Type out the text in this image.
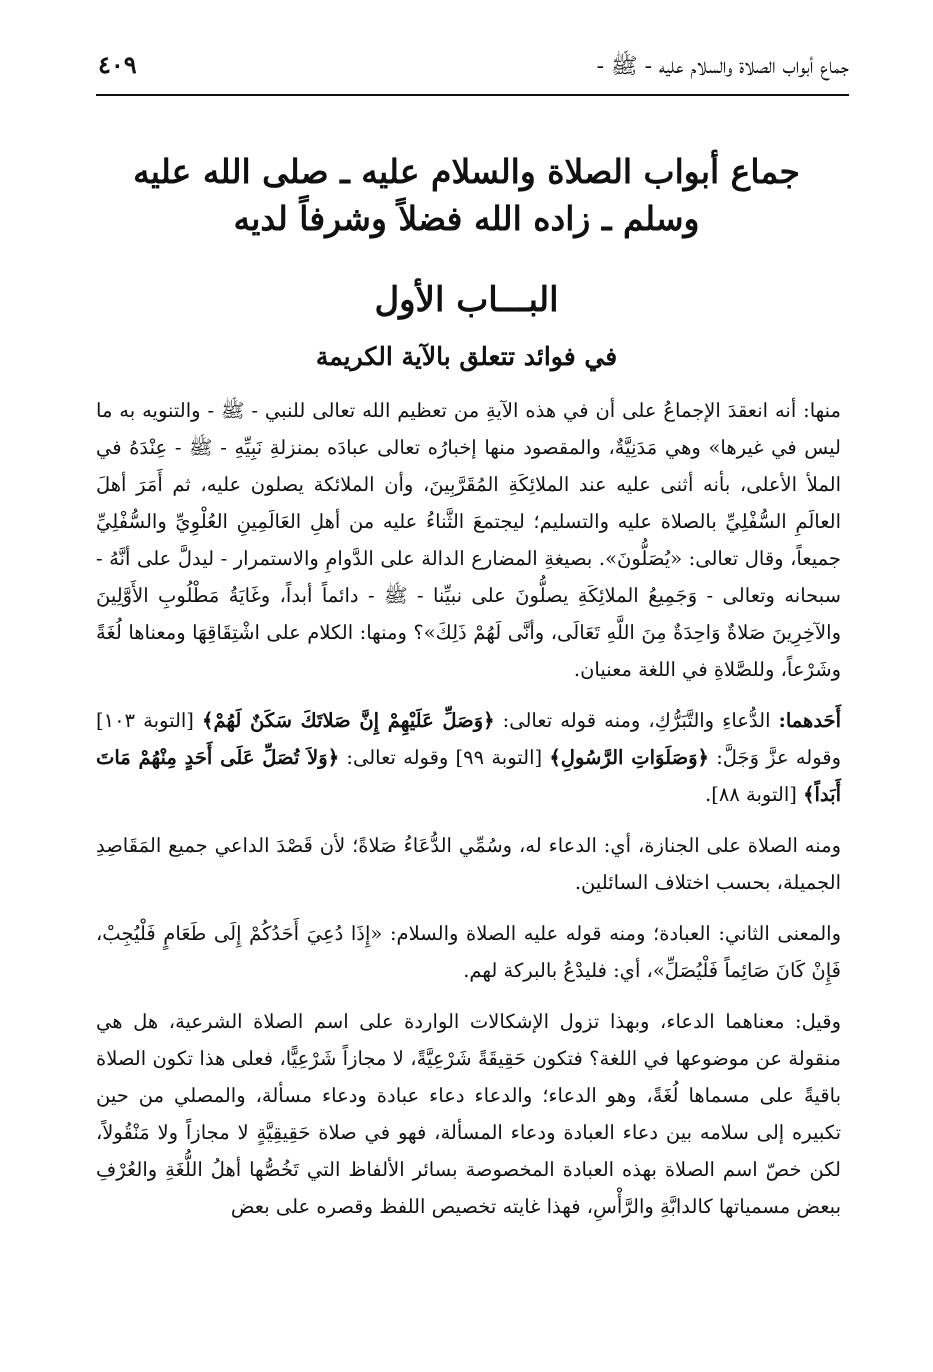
جماع أبواب الصلاة والسلام عليه - ﷺ -
٤٠٩
جماع أبواب الصلاة والسلام عليه ـ صلى الله عليه
وسلم ـ زاده الله فضلاً وشرفاً لديه
البـــاب الأول
في فوائد تتعلق بالآية الكريمة

منها: أنه انعقدَ الإجماعُ على أن في هذه الآيةِ من تعظيم الله تعالى للنبي - ﷺ - والتنويه به ما ليس في غيرها» وهي مَدَنِيَّةٌ، والمقصود منها إخبارُه تعالى عبادَه بمنزلةِ نَبِيِّهِ - ﷺ - عِنْدَهُ في الملأ الأعلى، بأنه أثنى عليه عند الملائِكَةِ المُقَرَّبِينَ، وأن الملائكة يصلون عليه، ثم أَمَرَ أهلَ العالَمِ السُّفْلِيِّ بالصلاة عليه والتسليم؛ ليجتمعَ الثَّناءُ عليه من أهلِ العَالَمِينِ العُلْوِيِّ والسُّفْلِيِّ جميعاً، وقال تعالى: «يُصَلُّونَ». بصيغةِ المضارع الدالة على الدَّوامِ والاستمرار - ليدلَّ على أنَّهُ - سبحانه وتعالى - وَجَمِيعُ الملائِكَةِ يصلُّونَ على نبيِّنا - ﷺ - دائماً أبداً، وغَايَةُ مَطْلُوبِ الأَوَّلِينَ والآخِرِينَ صَلاةٌ وَاحِدَةٌ مِنَ اللَّهِ تَعَالَى، وأنَّى لَهُمْ ذَلِكَ»؟ ومنها: الكلام على اشْتِقَاقِهَا ومعناها لُغَةً وشَرْعاً، وللصَّلاةِ في اللغة معنيان.

أَحَدهما: الدُّعاءِ والتَّبَرُّكِ، ومنه قوله تعالى: ﴿وَصَلِّ عَلَيْهِمْ إِنَّ صَلاتَكَ سَكَنٌ لَهُمْ﴾ [التوبة ١٠٣] وقوله عزَّ وَجَلَّ: ﴿وَصَلَوَاتِ الرَّسُولِ﴾ [التوبة ٩٩] وقوله تعالى: ﴿وَلاَ تُصَلِّ عَلَى أَحَدٍ مِنْهُمْ مَاتَ أَبَداً﴾ [التوبة ٨٨].

ومنه الصلاة على الجنازة، أي: الدعاء له، وسُمِّي الدُّعَاءُ صَلاةً؛ لأن قَصْدَ الداعي جميع المَقَاصِدِ الجميلة، بحسب اختلاف السائلين.

والمعنى الثاني: العبادة؛ ومنه قوله عليه الصلاة والسلام: «إِذَا دُعِيَ أَحَدُكُمْ إِلَى طَعَامٍ فَلْيُجِبْ، فَإِنْ كَانَ صَائِماً فَلْيُصَلِّ»، أي: فليدْعُ بالبركة لهم.

وقيل: معناهما الدعاء، وبهذا تزول الإشكالات الواردة على اسم الصلاة الشرعية، هل هي منقولة عن موضوعها في اللغة؟ فتكون حَقِيقَةً شَرْعِيَّةً، لا مجازاً شَرْعِيًّا، فعلى هذا تكون الصلاة باقيةً على مسماها لُغَةً، وهو الدعاء؛ والدعاء دعاء عبادة ودعاء مسألة، والمصلي من حين تكبيره إلى سلامه بين دعاء العبادة ودعاء المسألة، فهو في صلاة حَقِيقِيَّةٍ لا مجازاً ولا مَنْقُولاً، لكن خصّ اسم الصلاة بهذه العبادة المخصوصة بسائر الألفاظ التي تَخُصُّها أهلُ اللُّغَةِ والعُرْفِ ببعض مسمياتها كالدابَّةِ والرَّأْسِ، فهذا غايته تخصيص اللفظ وقصره على بعض
